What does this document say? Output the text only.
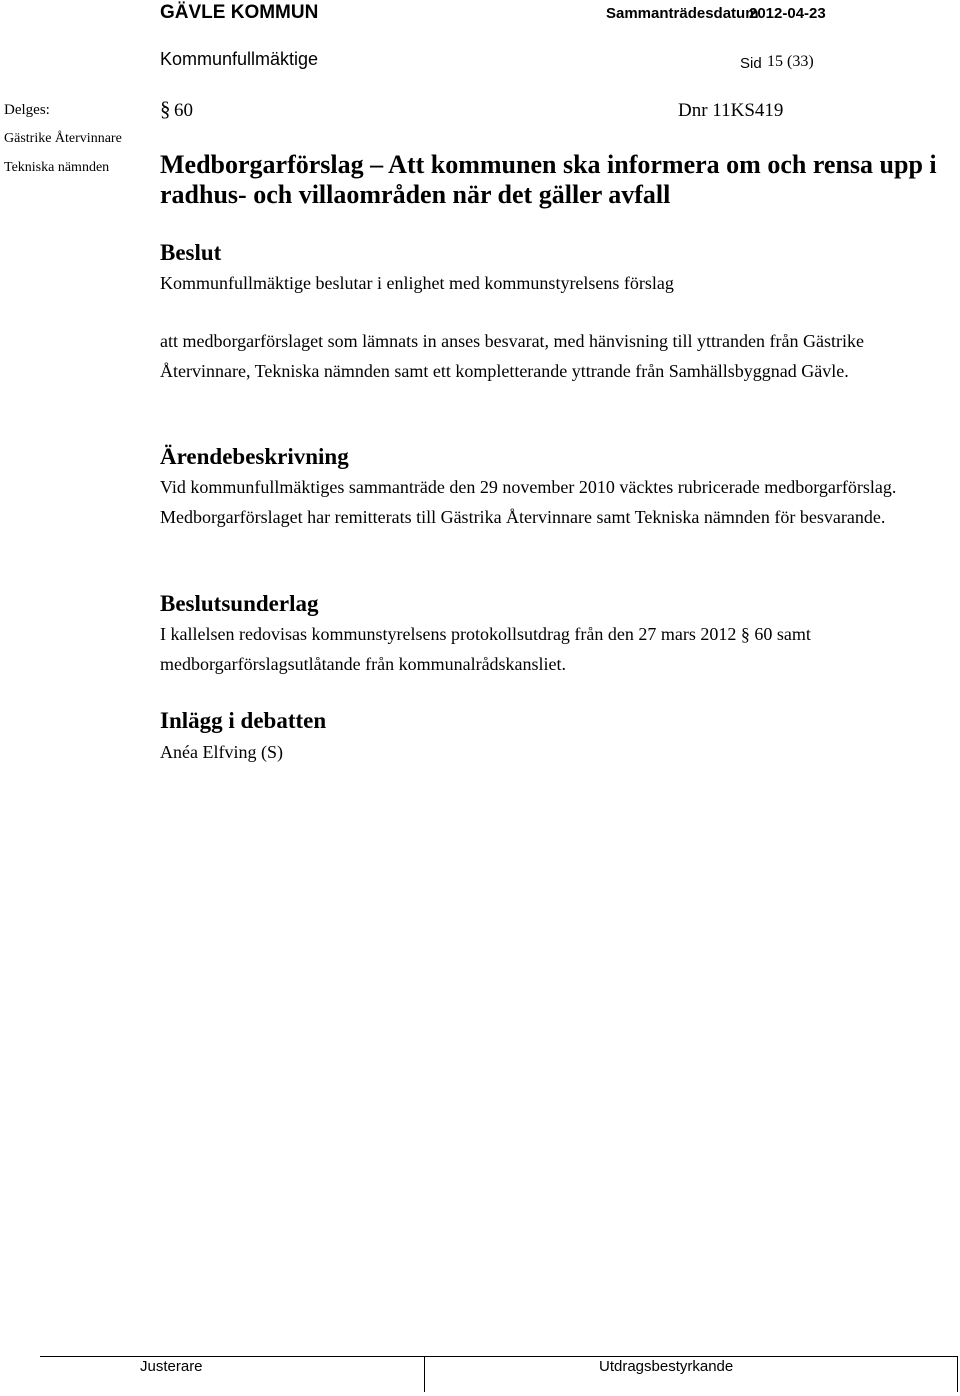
GÄVLE KOMMUN	Sammanträdesdatum
2012-04-23
Kommunfullmäktige	Sid 15 (33)
Delges:
Gästrike Återvinnare
Tekniska nämnden
§ 60	Dnr 11KS419
Medborgarförslag – Att kommunen ska informera om och rensa upp i radhus- och villaområden när det gäller avfall
Beslut
Kommunfullmäktige beslutar i enlighet med kommunstyrelsens förslag
att medborgarförslaget som lämnats in anses besvarat, med hänvisning till yttranden från Gästrike Återvinnare, Tekniska nämnden samt ett kompletterande yttrande från Samhällsbyggnad Gävle.
Ärendebeskrivning
Vid kommunfullmäktiges sammanträde den 29 november 2010 väcktes rubricerade medborgarförslag. Medborgarförslaget har remitterats till Gästrika Återvinnare samt Tekniska nämnden för besvarande.
Beslutsunderlag
I kallelsen redovisas kommunstyrelsens protokollsutdrag från den 27 mars 2012 § 60 samt medborgarförslagsutlåtande från kommunalrådskansliet.
Inlägg i debatten
Anéa Elfving (S)
Justerare	Utdragsbestyrkande
